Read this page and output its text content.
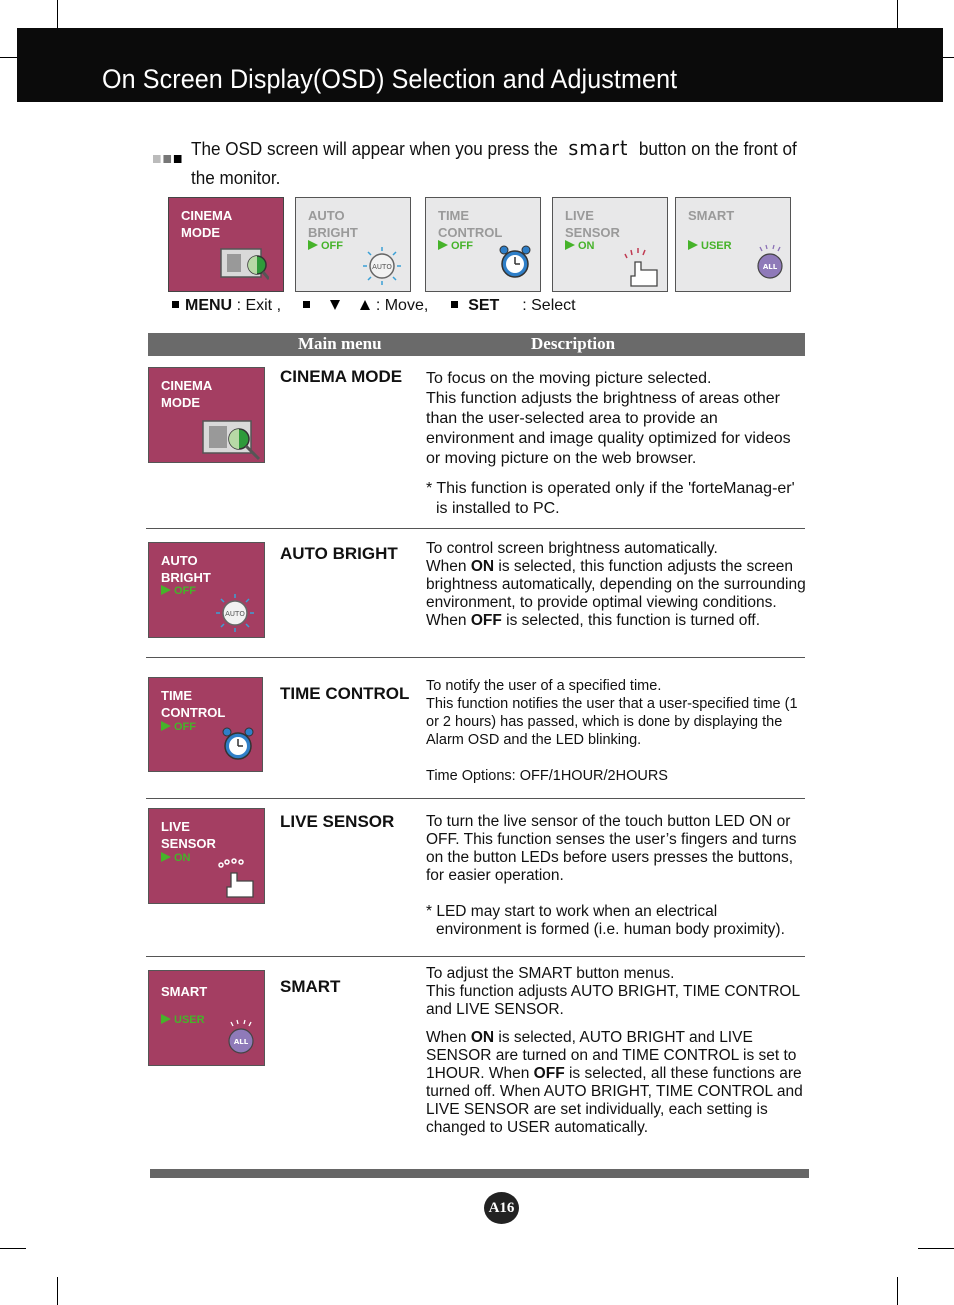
On Screen Display(OSD) Selection and Adjustment
The OSD screen will appear when you press the smart button on the front of the monitor.
CINEMA
MODE
AUTO
BRIGHT
OFF
AUTO
TIME
CONTROL
OFF
LIVE
SENSOR
ON
SMART
USER
ALL
MENU : Exit ,	: Move, SET : Select
Main menu	Description
CINEMA
MODE
CINEMA MODE To focus on the moving picture selected.

This function adjusts the brightness of areas other than the user-selected area to provide an environment and image quality optimized for videos or moving picture on the web browser.

* This function is operated only if the 'forteManag-er' is installed to PC.

AUTO
BRIGHT
OFF
AUTO
AUTO BRIGHT To control screen brightness automatically.

When ON is selected, this function adjusts the screen brightness automatically, depending on the surrounding environment, to provide optimal viewing conditions. When OFF is selected, this function is turned off.

TIME
CONTROL
OFF
TIME CONTROL To notify the user of a specified time.

This function notifies the user that a user-specified time (1 or 2 hours) has passed, which is done by displaying the Alarm OSD and the LED blinking.

Time Options: OFF/1HOUR/2HOURS

LIVE
SENSOR
ON
LIVE SENSOR To turn the live sensor of the touch button LED ON or OFF. This function senses the user’s fingers and turns on the button LEDs before users presses the buttons, for easier operation.

* LED may start to work when an electrical environment is formed (i.e. human body proximity).

SMART
USER
ALL
SMART

To adjust the SMART button menus.

This function adjusts AUTO BRIGHT, TIME CONTROL and LIVE SENSOR.

When ON is selected, AUTO BRIGHT and LIVE SENSOR are turned on and TIME CONTROL is set to 1HOUR. When OFF is selected, all these functions are turned off. When AUTO BRIGHT, TIME CONTROL and LIVE SENSOR are set individually, each setting is changed to USER automatically.

A16
